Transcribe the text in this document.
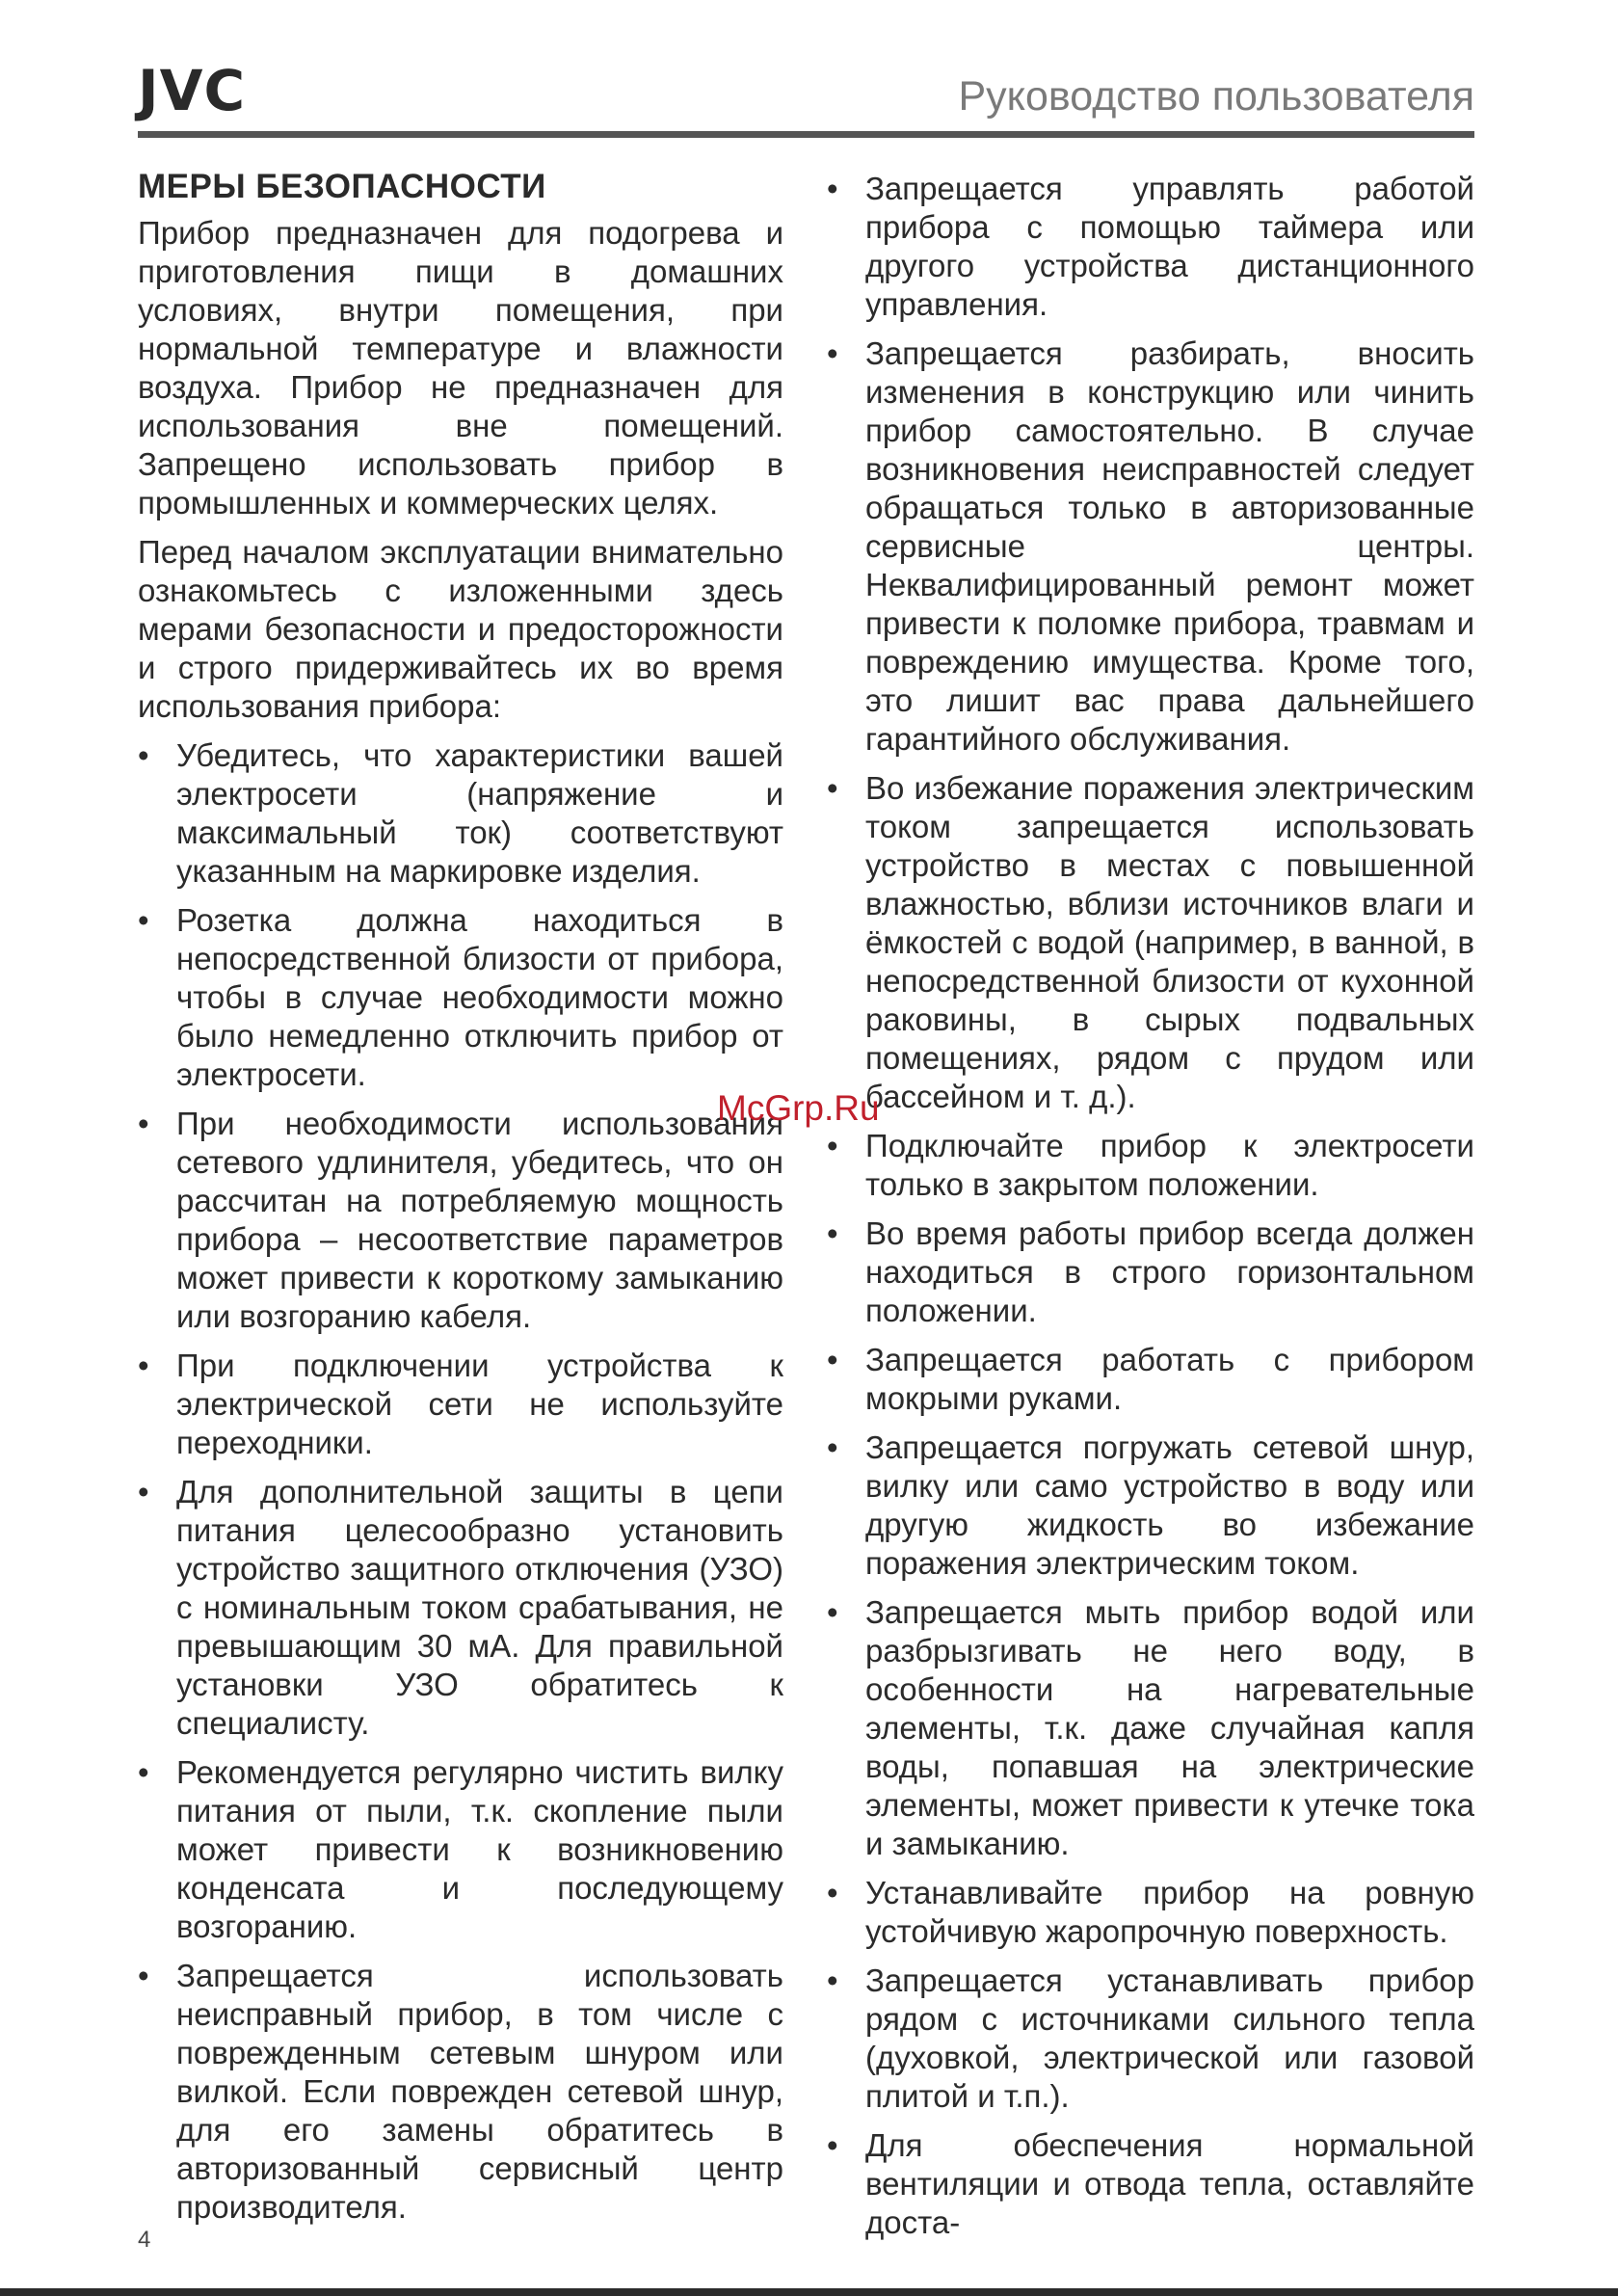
JVC	Руководство пользователя
МЕРЫ БЕЗОПАСНОСТИ

Прибор предназначен для подогрева и приготовления пищи в домашних условиях, внутри помещения, при нормальной температуре и влажности воздуха. Прибор не предназначен для использования вне помещений. Запрещено использовать прибор в промышленных и коммерческих целях.

Перед началом эксплуатации внимательно ознакомьтесь с изложенными здесь мерами безопасности и предосторожности и строго придерживайтесь их во время использования прибора:

• Убедитесь, что характеристики вашей электросети (напряжение и максимальный ток) соответствуют указанным на маркировке изделия.
• Розетка должна находиться в непосредственной близости от прибора, чтобы в случае необходимости можно было немедленно отключить прибор от электросети.
• При необходимости использования сетевого удлинителя, убедитесь, что он рассчитан на потребляемую мощность прибора – несоответствие параметров может привести к короткому замыканию или возгоранию кабеля.
• При подключении устройства к электрической сети не используйте переходники.
• Для дополнительной защиты в цепи питания целесообразно установить устройство защитного отключения (УЗО) с номинальным током срабатывания, не превышающим 30 мА. Для правильной установки УЗО обратитесь к специалисту.
• Рекомендуется регулярно чистить вилку питания от пыли, т.к. скопление пыли может привести к возникновению конденсата и последующему возгоранию.
• Запрещается использовать неисправный прибор, в том числе с поврежденным сетевым шнуром или вилкой. Если поврежден сетевой шнур, для его замены обратитесь в авторизованный сервисный центр производителя.
• Запрещается управлять работой прибора с помощью таймера или другого устройства дистанционного управления.
• Запрещается разбирать, вносить изменения в конструкцию или чинить прибор самостоятельно. В случае возникновения неисправностей следует обращаться только в авторизованные сервисные центры. Неквалифицированный ремонт может привести к поломке прибора, травмам и повреждению имущества. Кроме того, это лишит вас права дальнейшего гарантийного обслуживания.
• Во избежание поражения электрическим током запрещается использовать устройство в местах с повышенной влажностью, вблизи источников влаги и ёмкостей с водой (например, в ванной, в непосредственной близости от кухонной раковины, в сырых подвальных помещениях, рядом с прудом или бассейном и т. д.).
• Подключайте прибор к электросети только в закрытом положении.
• Во время работы прибор всегда должен находиться в строго горизонтальном положении.
• Запрещается работать с прибором мокрыми руками.
• Запрещается погружать сетевой шнур, вилку или само устройство в воду или другую жидкость во избежание поражения электрическим током.
• Запрещается мыть прибор водой или разбрызгивать не него воду, в особенности на нагревательные элементы, т.к. даже случайная капля воды, попавшая на электрические элементы, может привести к утечке тока и замыканию.
• Устанавливайте прибор на ровную устойчивую жаропрочную поверхность.
• Запрещается устанавливать прибор рядом с источниками сильного тепла (духовкой, электрической или газовой плитой и т.п.).
• Для обеспечения нормальной вентиляции и отвода тепла, оставляйте доста-
McGrp.Ru
4
